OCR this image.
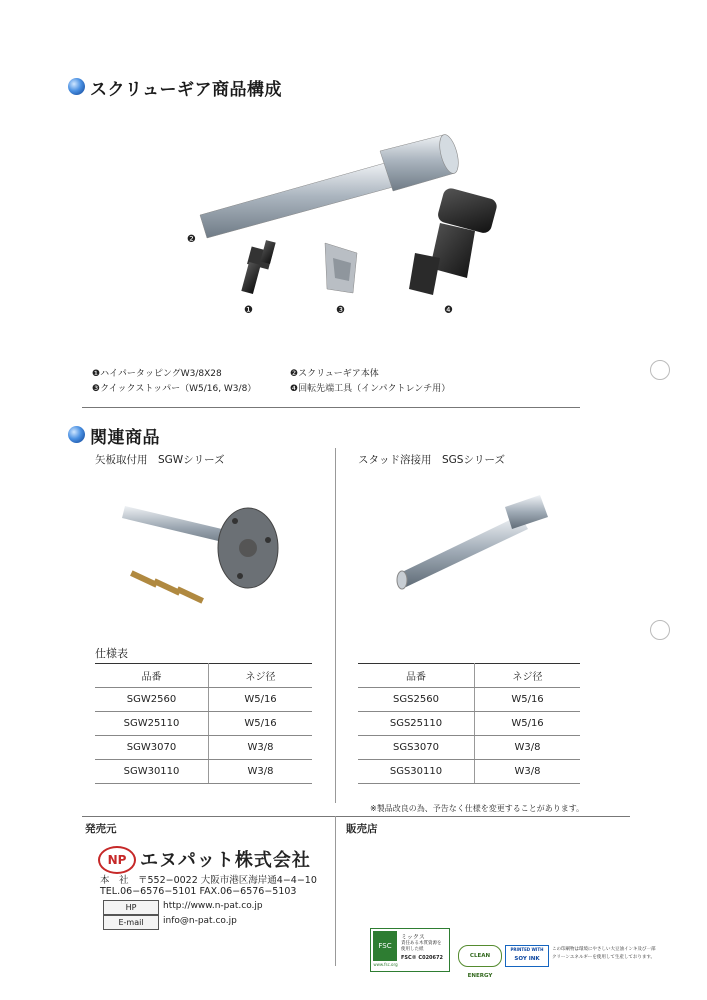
スクリューギア商品構成
❷
❶	❸	❹
❶ハイパータッピングW3/8X28	❷スクリューギア本体
❸クイックストッパー（W5/16, W3/8）	❹回転先端工具（インパクトレンチ用）
関連商品
矢板取付用　SGWシリーズ	スタッド溶接用　SGSシリーズ
仕様表
品番	ネジ径
SGW2560	W5/16
SGW25110	W5/16
SGW3070	W3/8
SGW30110	W3/8
品番	ネジ径
SGS2560	W5/16
SGS25110	W5/16
SGS3070	W3/8
SGS30110	W3/8
※製品改良の為、予告なく仕様を変更することがあります。
発売元	販売店
NP エヌパット株式会社
本　社　〒552−0022 大阪市港区海岸通4−4−10
TEL.06−6576−5101 FAX.06−6576−5103
HP	http://www.n-pat.co.jp
E-mail	info@n-pat.co.jp
FSC
www.fsc.org
ミックス
責任ある木質資源を
使用した紙
FSC® C020672	CLEAN ENERGY
PRINTED WITH
SOY INK
この印刷物は環境にやさしい大豆油インキ及び一部
クリーンエネルギーを使用して生産しております。
